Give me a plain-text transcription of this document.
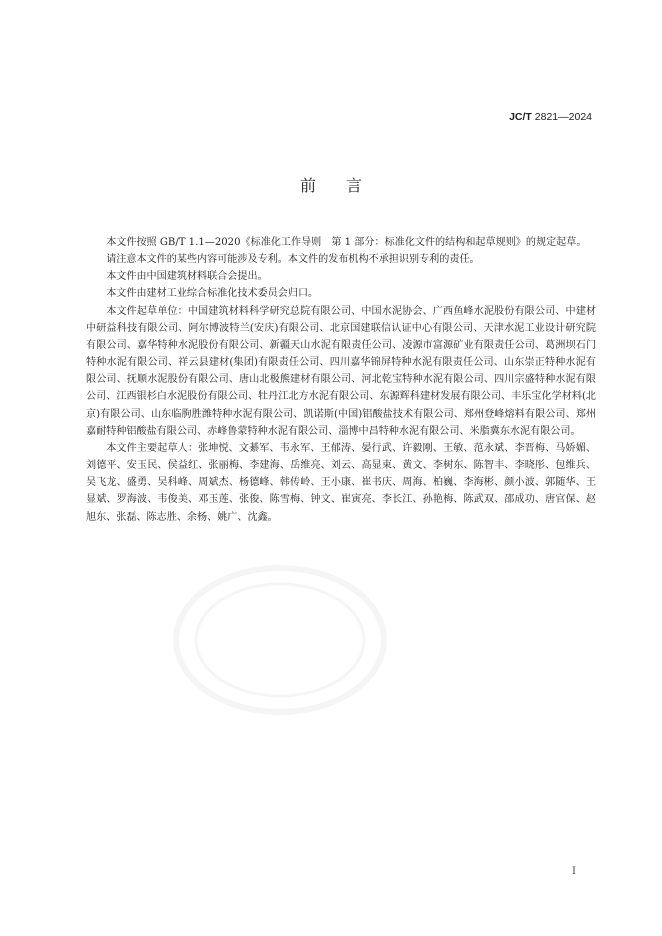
JC/T 2821—2024
前言

本文件按照 GB/T 1.1—2020《标准化工作导则　第 1 部分：标准化文件的结构和起草规则》的规定起草。

请注意本文件的某些内容可能涉及专利。本文件的发布机构不承担识别专利的责任。

本文件由中国建筑材料联合会提出。

本文件由建材工业综合标准化技术委员会归口。

本文件起草单位：中国建筑材料科学研究总院有限公司、中国水泥协会、广西鱼峰水泥股份有限公司、中建材中研益科技有限公司、阿尔博波特兰(安庆)有限公司、北京国建联信认证中心有限公司、天津水泥工业设计研究院有限公司、嘉华特种水泥股份有限公司、新疆天山水泥有限责任公司、凌源市富源矿业有限责任公司、葛洲坝石门特种水泥有限公司、祥云县建材(集团)有限责任公司、四川嘉华锦屏特种水泥有限责任公司、山东崇正特种水泥有限公司、抚顺水泥股份有限公司、唐山北极熊建材有限公司、河北乾宝特种水泥有限公司、四川宗盛特种水泥有限公司、江西银杉白水泥股份有限公司、牡丹江北方水泥有限公司、东源辉科建材发展有限公司、丰乐宝化学材料(北京)有限公司、山东临朐胜潍特种水泥有限公司、凯诺斯(中国)铝酸盐技术有限公司、郑州登峰熔料有限公司、郑州嘉耐特种铝酸盐有限公司、赤峰鲁蒙特种水泥有限公司、淄博中昌特种水泥有限公司、米脂冀东水泥有限公司。

本文件主要起草人：张坤悦、文綦军、韦永军、王郁涛、晏行武、许毅刚、王敏、范永斌、李晋梅、马娇媚、刘德平、安玉民、侯益红、张丽梅、李建海、岳维亮、刘云、高显束、黄文、李树东、陈智丰、李晓彤、包维兵、吴飞龙、盛勇、吴科峰、周斌杰、杨德峰、韩传岭、王小康、崔书庆、周海、柏巍、李海彬、颜小波、郭随华、王显斌、罗海波、韦俊美、邓玉莲、张俊、陈雪梅、钟文、崔寅亮、李长江、孙艳梅、陈武双、邵成功、唐官保、赵旭东、张磊、陈志胜、余杨、姚广、沈鑫。

I
